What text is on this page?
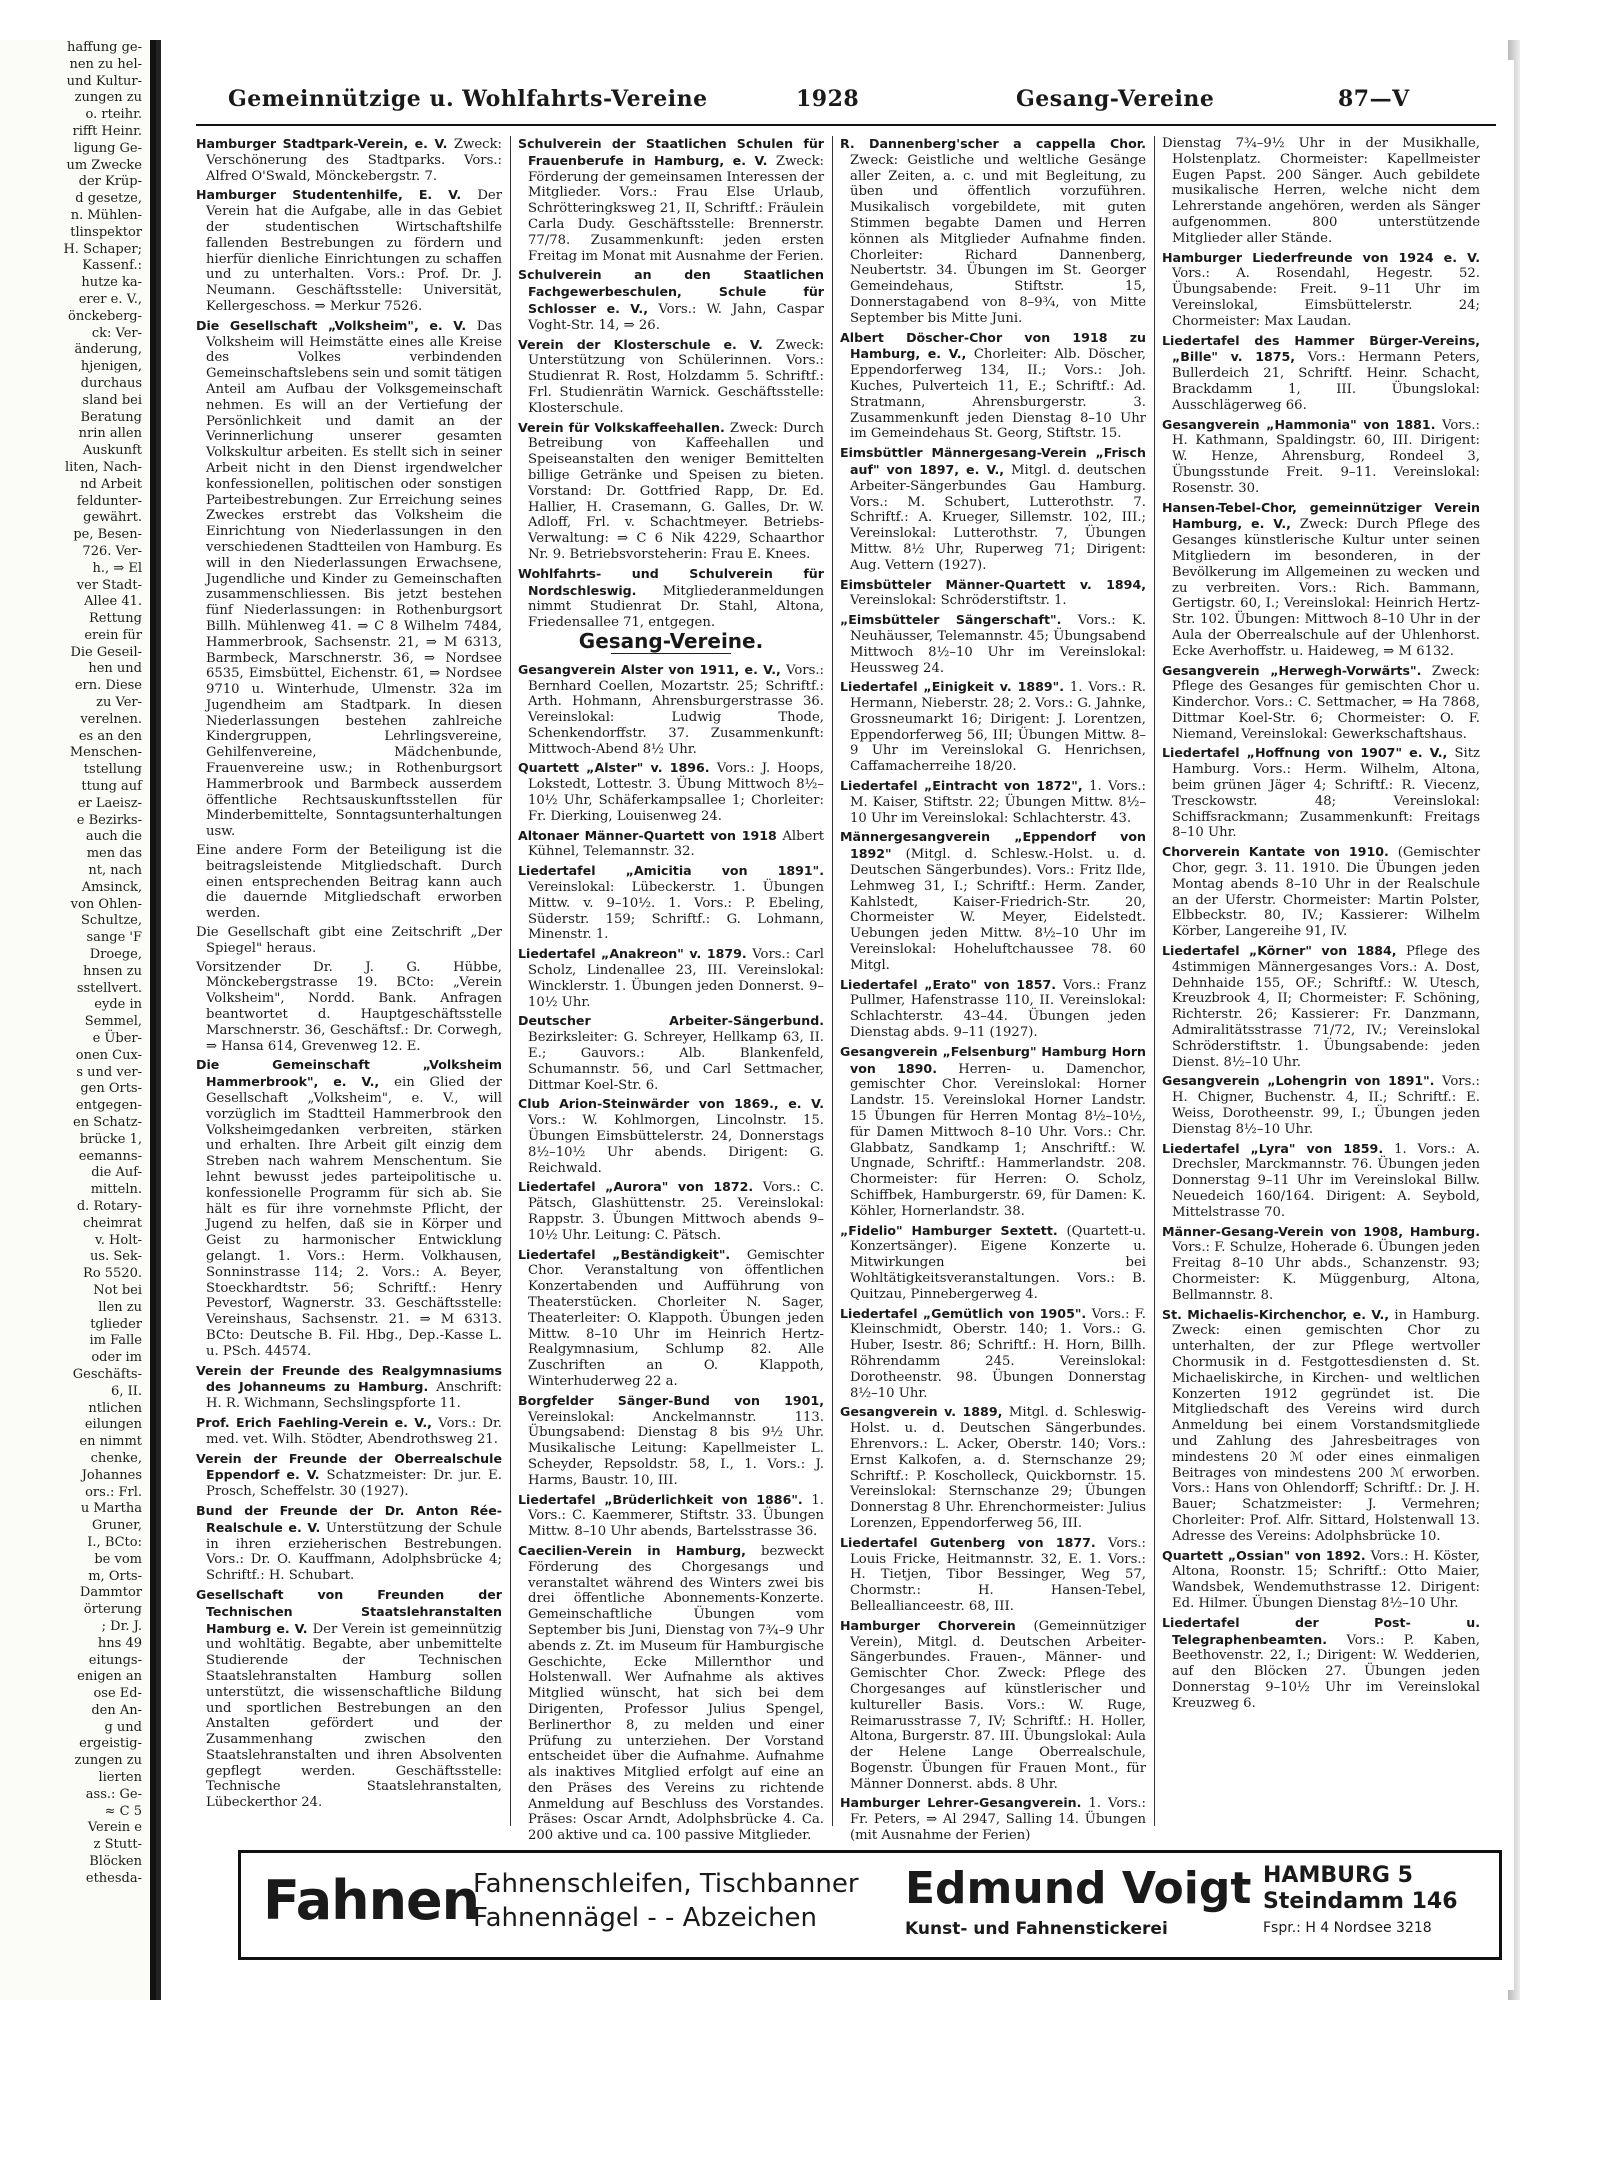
haffung ge-
nen zu hel-
und Kultur-
zungen zu
o. rteihr.
rifft Heinr.
ligung Ge-
um Zwecke
der Krüp-
d gesetze,
n. Mühlen-
tlinspektor
H. Schaper;
Kassenf.:
hutze ka-
erer e. V.,
önckeberg-
ck: Ver-
änderung,
hjenigen,
durchaus
sland bei
Beratung
nrin allen
Auskunft
liten, Nach-
nd Arbeit
feldunter-
gewährt.
pe, Besen-
726. Ver-
h., ⇒ El
ver Stadt-
Allee 41.
Rettung
erein für
Die Geseil-
hen und
ern. Diese
zu Ver-
verelnen.
es an den
Menschen-
tstellung
ttung auf
er Laeisz-
e Bezirks-
auch die
men das
nt, nach
Amsinck,
von Ohlen-
Schultze,
sange 'F
Droege,
hnsen zu
sstellvert.
eyde in
Semmel,
e Über-
onen Cux-
s und ver-
gen Orts-
entgegen-
en Schatz-
brücke 1,
eemanns-
die Auf-
mitteln.
d. Rotary-
cheimrat
v. Holt-
us. Sek-
Ro 5520.
Not bei
llen zu
tglieder
im Falle
oder im
Geschäfts-
6, II.
ntlichen
eilungen
en nimmt
chenke,
Johannes
ors.: Frl.
u Martha
Gruner,
I., BCto:
be vom
m, Orts-
Dammtor
örterung
; Dr. J.
hns 49
eitungs-
enigen an
ose Ed-
den An-
g und
ergeistig-
zungen zu
lierten
ass.: Ge-
≈ C 5
Verein e
z Stutt-
Blöcken
ethesda-
Gemeinnützige u. Wohlfahrts-Vereine	1928	Gesang-Vereine	87—V

Hamburger Stadtpark-Verein, e. V. Zweck: Verschönerung des Stadtparks. Vors.: Alfred O'Swald, Mönckebergstr. 7.

Hamburger Studentenhilfe, E. V. Der Verein hat die Aufgabe, alle in das Gebiet der studentischen Wirtschaftshilfe fallenden Bestrebungen zu fördern und hierfür dienliche Einrichtungen zu schaffen und zu unterhalten. Vors.: Prof. Dr. J. Neumann. Geschäftsstelle: Universität, Kellergeschoss. ⇒ Merkur 7526.

Die Gesellschaft „Volksheim", e. V. Das Volksheim will Heimstätte eines alle Kreise des Volkes verbindenden Gemeinschaftslebens sein und somit tätigen Anteil am Aufbau der Volksgemeinschaft nehmen. Es will an der Vertiefung der Persönlichkeit und damit an der Verinnerlichung unserer gesamten Volkskultur arbeiten. Es stellt sich in seiner Arbeit nicht in den Dienst irgendwelcher konfessionellen, politischen oder sonstigen Parteibestrebungen. Zur Erreichung seines Zweckes erstrebt das Volksheim die Einrichtung von Niederlassungen in den verschiedenen Stadtteilen von Hamburg. Es will in den Niederlassungen Erwachsene, Jugendliche und Kinder zu Gemeinschaften zusammenschliessen. Bis jetzt bestehen fünf Niederlassungen: in Rothenburgsort Billh. Mühlenweg 41. ⇒ C 8 Wilhelm 7484, Hammerbrook, Sachsenstr. 21, ⇒ M 6313, Barmbeck, Marschnerstr. 36, ⇒ Nordsee 6535, Eimsbüttel, Eichenstr. 61, ⇒ Nordsee 9710 u. Winterhude, Ulmenstr. 32a im Jugendheim am Stadtpark. In diesen Niederlassungen bestehen zahlreiche Kindergruppen, Lehrlingsvereine, Gehilfenvereine, Mädchenbunde, Frauenvereine usw.; in Rothenburgsort Hammerbrook und Barmbeck ausserdem öffentliche Rechtsauskunftsstellen für Minderbemittelte, Sonntagsunterhaltungen usw.

Eine andere Form der Beteiligung ist die beitragsleistende Mitgliedschaft. Durch einen entsprechenden Beitrag kann auch die dauernde Mitgliedschaft erworben werden.

Die Gesellschaft gibt eine Zeitschrift „Der Spiegel" heraus.

Vorsitzender Dr. J. G. Hübbe, Mönckebergstrasse 19. BCto: „Verein Volksheim", Nordd. Bank. Anfragen beantwortet d. Hauptgeschäftsstelle Marschnerstr. 36, Geschäftsf.: Dr. Corwegh, ⇒ Hansa 614, Grevenweg 12. E.

Die Gemeinschaft „Volksheim Hammerbrook", e. V., ein Glied der Gesellschaft „Volksheim", e. V., will vorzüglich im Stadtteil Hammerbrook den Volksheimgedanken verbreiten, stärken und erhalten. Ihre Arbeit gilt einzig dem Streben nach wahrem Menschentum. Sie lehnt bewusst jedes parteipolitische u. konfessionelle Programm für sich ab. Sie hält es für ihre vornehmste Pflicht, der Jugend zu helfen, daß sie in Körper und Geist zu harmonischer Entwicklung gelangt. 1. Vors.: Herm. Volkhausen, Sonninstrasse 114; 2. Vors.: A. Beyer, Stoeckhardtstr. 56; Schriftf.: Henry Pevestorf, Wagnerstr. 33. Geschäftsstelle: Vereinshaus, Sachsenstr. 21. ⇒ M 6313. BCto: Deutsche B. Fil. Hbg., Dep.-Kasse L. u. PSch. 44574.

Verein der Freunde des Realgymnasiums des Johanneums zu Hamburg. Anschrift: H. R. Wichmann, Sechslingspforte 11.

Prof. Erich Faehling-Verein e. V., Vors.: Dr. med. vet. Wilh. Stödter, Abendrothsweg 21.

Verein der Freunde der Oberrealschule Eppendorf e. V. Schatzmeister: Dr. jur. E. Prosch, Scheffelstr. 30 (1927).

Bund der Freunde der Dr. Anton Rée-Realschule e. V. Unterstützung der Schule in ihren erzieherischen Bestrebungen. Vors.: Dr. O. Kauffmann, Adolphsbrücke 4; Schriftf.: H. Schubart.

Gesellschaft von Freunden der Technischen Staatslehranstalten Hamburg e. V. Der Verein ist gemeinnützig und wohltätig. Begabte, aber unbemittelte Studierende der Technischen Staatslehranstalten Hamburg sollen unterstützt, die wissenschaftliche Bildung und sportlichen Bestrebungen an den Anstalten gefördert und der Zusammenhang zwischen den Staatslehranstalten und ihren Absolventen gepflegt werden. Geschäftsstelle: Technische Staatslehranstalten, Lübeckerthor 24.

Schulverein der Staatlichen Schulen für Frauenberufe in Hamburg, e. V. Zweck: Förderung der gemeinsamen Interessen der Mitglieder. Vors.: Frau Else Urlaub, Schrötteringksweg 21, II, Schriftf.: Fräulein Carla Dudy. Geschäftsstelle: Brennerstr. 77/78. Zusammenkunft: jeden ersten Freitag im Monat mit Ausnahme der Ferien.

Schulverein an den Staatlichen Fachgewerbeschulen, Schule für Schlosser e. V., Vors.: W. Jahn, Caspar Voght-Str. 14, ⇒ 26.

Verein der Klosterschule e. V. Zweck: Unterstützung von Schülerinnen. Vors.: Studienrat R. Rost, Holzdamm 5. Schriftf.: Frl. Studienrätin Warnick. Geschäftsstelle: Klosterschule.

Verein für Volkskaffeehallen. Zweck: Durch Betreibung von Kaffeehallen und Speiseanstalten den weniger Bemittelten billige Getränke und Speisen zu bieten. Vorstand: Dr. Gottfried Rapp, Dr. Ed. Hallier, H. Crasemann, G. Galles, Dr. W. Adloff, Frl. v. Schachtmeyer. Betriebs-Verwaltung: ⇒ C 6 Nik 4229, Schaarthor Nr. 9. Betriebsvorsteherin: Frau E. Knees.

Wohlfahrts- und Schulverein für Nordschleswig. Mitgliederanmeldungen nimmt Studienrat Dr. Stahl, Altona, Friedensallee 71, entgegen.

Gesang-Vereine.

Gesangverein Alster von 1911, e. V., Vors.: Bernhard Coellen, Mozartstr. 25; Schriftf.: Arth. Hohmann, Ahrensburgerstrasse 36. Vereinslokal: Ludwig Thode, Schenkendorffstr. 37. Zusammenkunft: Mittwoch-Abend 8½ Uhr.

Quartett „Alster" v. 1896. Vors.: J. Hoops, Lokstedt, Lottestr. 3. Übung Mittwoch 8½–10½ Uhr, Schäferkampsallee 1; Chorleiter: Fr. Dierking, Louisenweg 24.

Altonaer Männer-Quartett von 1918 Albert Kühnel, Telemannstr. 32.

Liedertafel „Amicitia von 1891". Vereinslokal: Lübeckerstr. 1. Übungen Mittw. v. 9–10½. 1. Vors.: P. Ebeling, Süderstr. 159; Schriftf.: G. Lohmann, Minenstr. 1.

Liedertafel „Anakreon" v. 1879. Vors.: Carl Scholz, Lindenallee 23, III. Vereinslokal: Wincklerstr. 1. Übungen jeden Donnerst. 9–10½ Uhr.

Deutscher Arbeiter-Sängerbund. Bezirksleiter: G. Schreyer, Hellkamp 63, II. E.; Gauvors.: Alb. Blankenfeld, Schumannstr. 56, und Carl Settmacher, Dittmar Koel-Str. 6.

Club Arion-Steinwärder von 1869., e. V. Vors.: W. Kohlmorgen, Lincolnstr. 15. Übungen Eimsbüttelerstr. 24, Donnerstags 8½–10½ Uhr abends. Dirigent: G. Reichwald.

Liedertafel „Aurora" von 1872. Vors.: C. Pätsch, Glashüttenstr. 25. Vereinslokal: Rappstr. 3. Übungen Mittwoch abends 9–10½ Uhr. Leitung: C. Pätsch.

Liedertafel „Beständigkeit". Gemischter Chor. Veranstaltung von öffentlichen Konzertabenden und Aufführung von Theaterstücken. Chorleiter N. Sager, Theaterleiter: O. Klappoth. Übungen jeden Mittw. 8–10 Uhr im Heinrich Hertz-Realgymnasium, Schlump 82. Alle Zuschriften an O. Klappoth, Winterhuderweg 22 a.

Borgfelder Sänger-Bund von 1901, Vereinslokal: Anckelmannstr. 113. Übungsabend: Dienstag 8 bis 9½ Uhr. Musikalische Leitung: Kapellmeister L. Scheyder, Repsoldstr. 58, I., 1. Vors.: J. Harms, Baustr. 10, III.

Liedertafel „Brüderlichkeit von 1886". 1. Vors.: C. Kaemmerer, Stiftstr. 33. Übungen Mittw. 8–10 Uhr abends, Bartelsstrasse 36.

Caecilien-Verein in Hamburg, bezweckt Förderung des Chorgesangs und veranstaltet während des Winters zwei bis drei öffentliche Abonnements-Konzerte. Gemeinschaftliche Übungen vom September bis Juni, Dienstag von 7¾–9 Uhr abends z. Zt. im Museum für Hamburgische Geschichte, Ecke Millernthor und Holstenwall. Wer Aufnahme als aktives Mitglied wünscht, hat sich bei dem Dirigenten, Professor Julius Spengel, Berlinerthor 8, zu melden und einer Prüfung zu unterziehen. Der Vorstand entscheidet über die Aufnahme. Aufnahme als inaktives Mitglied erfolgt auf eine an den Präses des Vereins zu richtende Anmeldung auf Beschluss des Vorstandes. Präses: Oscar Arndt, Adolphsbrücke 4. Ca. 200 aktive und ca. 100 passive Mitglieder.

R. Dannenberg'scher a cappella Chor. Zweck: Geistliche und weltliche Gesänge aller Zeiten, a. c. und mit Begleitung, zu üben und öffentlich vorzuführen. Musikalisch vorgebildete, mit guten Stimmen begabte Damen und Herren können als Mitglieder Aufnahme finden. Chorleiter: Richard Dannenberg, Neubertstr. 34. Übungen im St. Georger Gemeindehaus, Stiftstr. 15, Donnerstagabend von 8–9¾, von Mitte September bis Mitte Juni.

Albert Döscher-Chor von 1918 zu Hamburg, e. V., Chorleiter: Alb. Döscher, Eppendorferweg 134, II.; Vors.: Joh. Kuches, Pulverteich 11, E.; Schriftf.: Ad. Stratmann, Ahrensburgerstr. 3. Zusammenkunft jeden Dienstag 8–10 Uhr im Gemeindehaus St. Georg, Stiftstr. 15.

Eimsbüttler Männergesang-Verein „Frisch auf" von 1897, e. V., Mitgl. d. deutschen Arbeiter-Sängerbundes Gau Hamburg. Vors.: M. Schubert, Lutterothstr. 7. Schriftf.: A. Krueger, Sillemstr. 102, III.; Vereinslokal: Lutterothstr. 7, Übungen Mittw. 8½ Uhr, Ruperweg 71; Dirigent: Aug. Vettern (1927).

Eimsbütteler Männer-Quartett v. 1894, Vereinslokal: Schröderstiftstr. 1.

„Eimsbütteler Sängerschaft". Vors.: K. Neuhäusser, Telemannstr. 45; Übungsabend Mittwoch 8½–10 Uhr im Vereinslokal: Heussweg 24.

Liedertafel „Einigkeit v. 1889". 1. Vors.: R. Hermann, Nieberstr. 28; 2. Vors.: G. Jahnke, Grossneumarkt 16; Dirigent: J. Lorentzen, Eppendorferweg 56, III; Übungen Mittw. 8–9 Uhr im Vereinslokal G. Henrichsen, Caffamacherreihe 18/20.

Liedertafel „Eintracht von 1872", 1. Vors.: M. Kaiser, Stiftstr. 22; Übungen Mittw. 8½–10 Uhr im Vereinslokal: Schlachterstr. 43.

Männergesangverein „Eppendorf von 1892" (Mitgl. d. Schlesw.-Holst. u. d. Deutschen Sängerbundes). Vors.: Fritz Ilde, Lehmweg 31, I.; Schriftf.: Herm. Zander, Kahlstedt, Kaiser-Friedrich-Str. 20, Chormeister W. Meyer, Eidelstedt. Uebungen jeden Mittw. 8½–10 Uhr im Vereinslokal: Hoheluftchaussee 78. 60 Mitgl.

Liedertafel „Erato" von 1857. Vors.: Franz Pullmer, Hafenstrasse 110, II. Vereinslokal: Schlachterstr. 43–44. Übungen jeden Dienstag abds. 9–11 (1927).

Gesangverein „Felsenburg" Hamburg Horn von 1890. Herren- u. Damenchor, gemischter Chor. Vereinslokal: Horner Landstr. 15. Vereinslokal Horner Landstr. 15 Übungen für Herren Montag 8½–10½, für Damen Mittwoch 8–10 Uhr. Vors.: Chr. Glabbatz, Sandkamp 1; Anschriftf.: W. Ungnade, Schriftf.: Hammerlandstr. 208. Chormeister: für Herren: O. Scholz, Schiffbek, Hamburgerstr. 69, für Damen: K. Köhler, Hornerlandstr. 38.

„Fidelio" Hamburger Sextett. (Quartett-u. Konzertsänger). Eigene Konzerte u. Mitwirkungen bei Wohltätigkeitsveranstaltungen. Vors.: B. Quitzau, Pinnebergerweg 4.

Liedertafel „Gemütlich von 1905". Vors.: F. Kleinschmidt, Oberstr. 140; 1. Vors.: G. Huber, Isestr. 86; Schriftf.: H. Horn, Billh. Röhrendamm 245. Vereinslokal: Dorotheenstr. 98. Übungen Donnerstag 8½–10 Uhr.

Gesangverein v. 1889, Mitgl. d. Schleswig-Holst. u. d. Deutschen Sängerbundes. Ehrenvors.: L. Acker, Oberstr. 140; Vors.: Ernst Kalkofen, a. d. Sternschanze 29; Schriftf.: P. Koscholleck, Quickbornstr. 15. Vereinslokal: Sternschanze 29; Übungen Donnerstag 8 Uhr. Ehrenchormeister: Julius Lorenzen, Eppendorferweg 56, III.

Liedertafel Gutenberg von 1877. Vors.: Louis Fricke, Heitmannstr. 32, E. 1. Vors.: H. Tietjen, Tibor Bessinger, Weg 57, Chormstr.: H. Hansen-Tebel, Belleallianceestr. 68, III.

Hamburger Chorverein (Gemeinnütziger Verein), Mitgl. d. Deutschen Arbeiter-Sängerbundes. Frauen-, Männer- und Gemischter Chor. Zweck: Pflege des Chorgesanges auf künstlerischer und kultureller Basis. Vors.: W. Ruge, Reimarusstrasse 7, IV; Schriftf.: H. Holler, Altona, Burgerstr. 87. III. Übungslokal: Aula der Helene Lange Oberrealschule, Bogenstr. Übungen für Frauen Mont., für Männer Donnerst. abds. 8 Uhr.

Hamburger Lehrer-Gesangverein. 1. Vors.: Fr. Peters, ⇒ Al 2947, Salling 14. Übungen (mit Ausnahme der Ferien)

Dienstag 7¾–9½ Uhr in der Musikhalle, Holstenplatz. Chormeister: Kapellmeister Eugen Papst. 200 Sänger. Auch gebildete musikalische Herren, welche nicht dem Lehrerstande angehören, werden als Sänger aufgenommen. 800 unterstützende Mitglieder aller Stände.

Hamburger Liederfreunde von 1924 e. V. Vors.: A. Rosendahl, Hegestr. 52. Übungsabende: Freit. 9–11 Uhr im Vereinslokal, Eimsbüttelerstr. 24; Chormeister: Max Laudan.

Liedertafel des Hammer Bürger-Vereins, „Bille" v. 1875, Vors.: Hermann Peters, Bullerdeich 21, Schriftf. Heinr. Schacht, Brackdamm 1, III. Übungslokal: Ausschlägerweg 66.

Gesangverein „Hammonia" von 1881. Vors.: H. Kathmann, Spaldingstr. 60, III. Dirigent: W. Henze, Ahrensburg, Rondeel 3, Übungsstunde Freit. 9–11. Vereinslokal: Rosenstr. 30.

Hansen-Tebel-Chor, gemeinnütziger Verein Hamburg, e. V., Zweck: Durch Pflege des Gesanges künstlerische Kultur unter seinen Mitgliedern im besonderen, in der Bevölkerung im Allgemeinen zu wecken und zu verbreiten. Vors.: Rich. Bammann, Gertigstr. 60, I.; Vereinslokal: Heinrich Hertz-Str. 102. Übungen: Mittwoch 8–10 Uhr in der Aula der Oberrealschule auf der Uhlenhorst. Ecke Averhoffstr. u. Haideweg, ⇒ M 6132.

Gesangverein „Herwegh-Vorwärts". Zweck: Pflege des Gesanges für gemischten Chor u. Kinderchor. Vors.: C. Settmacher, ⇒ Ha 7868, Dittmar Koel-Str. 6; Chormeister: O. F. Niemand, Vereinslokal: Gewerkschaftshaus.

Liedertafel „Hoffnung von 1907" e. V., Sitz Hamburg. Vors.: Herm. Wilhelm, Altona, beim grünen Jäger 4; Schriftf.: R. Viecenz, Tresckowstr. 48; Vereinslokal: Schiffsrackmann; Zusammenkunft: Freitags 8–10 Uhr.

Chorverein Kantate von 1910. (Gemischter Chor, gegr. 3. 11. 1910. Die Übungen jeden Montag abends 8–10 Uhr in der Realschule an der Uferstr. Chormeister: Martin Polster, Elbbeckstr. 80, IV.; Kassierer: Wilhelm Körber, Langereihe 91, IV.

Liedertafel „Körner" von 1884, Pflege des 4stimmigen Männergesanges Vors.: A. Dost, Dehnhaide 155, OF.; Schriftf.: W. Utesch, Kreuzbrook 4, II; Chormeister: F. Schöning, Richterstr. 26; Kassierer: Fr. Danzmann, Admiralitätsstrasse 71/72, IV.; Vereinslokal Schröderstiftstr. 1. Übungsabende: jeden Dienst. 8½–10 Uhr.

Gesangverein „Lohengrin von 1891". Vors.: H. Chigner, Buchenstr. 4, II.; Schriftf.: E. Weiss, Dorotheenstr. 99, I.; Übungen jeden Dienstag 8½–10 Uhr.

Liedertafel „Lyra" von 1859. 1. Vors.: A. Drechsler, Marckmannstr. 76. Übungen jeden Donnerstag 9–11 Uhr im Vereinslokal Billw. Neuedeich 160/164. Dirigent: A. Seybold, Mittelstrasse 70.

Männer-Gesang-Verein von 1908, Hamburg. Vors.: F. Schulze, Hoherade 6. Übungen jeden Freitag 8–10 Uhr abds., Schanzenstr. 93; Chormeister: K. Müggenburg, Altona, Bellmannstr. 8.

St. Michaelis-Kirchenchor, e. V., in Hamburg. Zweck: einen gemischten Chor zu unterhalten, der zur Pflege wertvoller Chormusik in d. Festgottesdiensten d. St. Michaeliskirche, in Kirchen- und weltlichen Konzerten 1912 gegründet ist. Die Mitgliedschaft des Vereins wird durch Anmeldung bei einem Vorstandsmitgliede und Zahlung des Jahresbeitrages von mindestens 20 ℳ oder eines einmaligen Beitrages von mindestens 200 ℳ erworben. Vors.: Hans von Ohlendorff; Schriftf.: Dr. J. H. Bauer; Schatzmeister: J. Vermehren; Chorleiter: Prof. Alfr. Sittard, Holstenwall 13. Adresse des Vereins: Adolphsbrücke 10.

Quartett „Ossian" von 1892. Vors.: H. Köster, Altona, Roonstr. 15; Schriftf.: Otto Maier, Wandsbek, Wendemuthstrasse 12. Dirigent: Ed. Hilmer. Übungen Dienstag 8½–10 Uhr.

Liedertafel der Post- u. Telegraphenbeamten. Vors.: P. Kaben, Beethovenstr. 22, I.; Dirigent: W. Wedderien, auf den Blöcken 27. Übungen jeden Donnerstag 9–10½ Uhr im Vereinslokal Kreuzweg 6.

Fahnen
Fahnenschleifen, Tischbanner
Fahnennägel - - Abzeichen
Edmund Voigt
Kunst- und Fahnenstickerei
HAMBURG 5
Steindamm 146
Fspr.: H 4 Nordsee 3218
